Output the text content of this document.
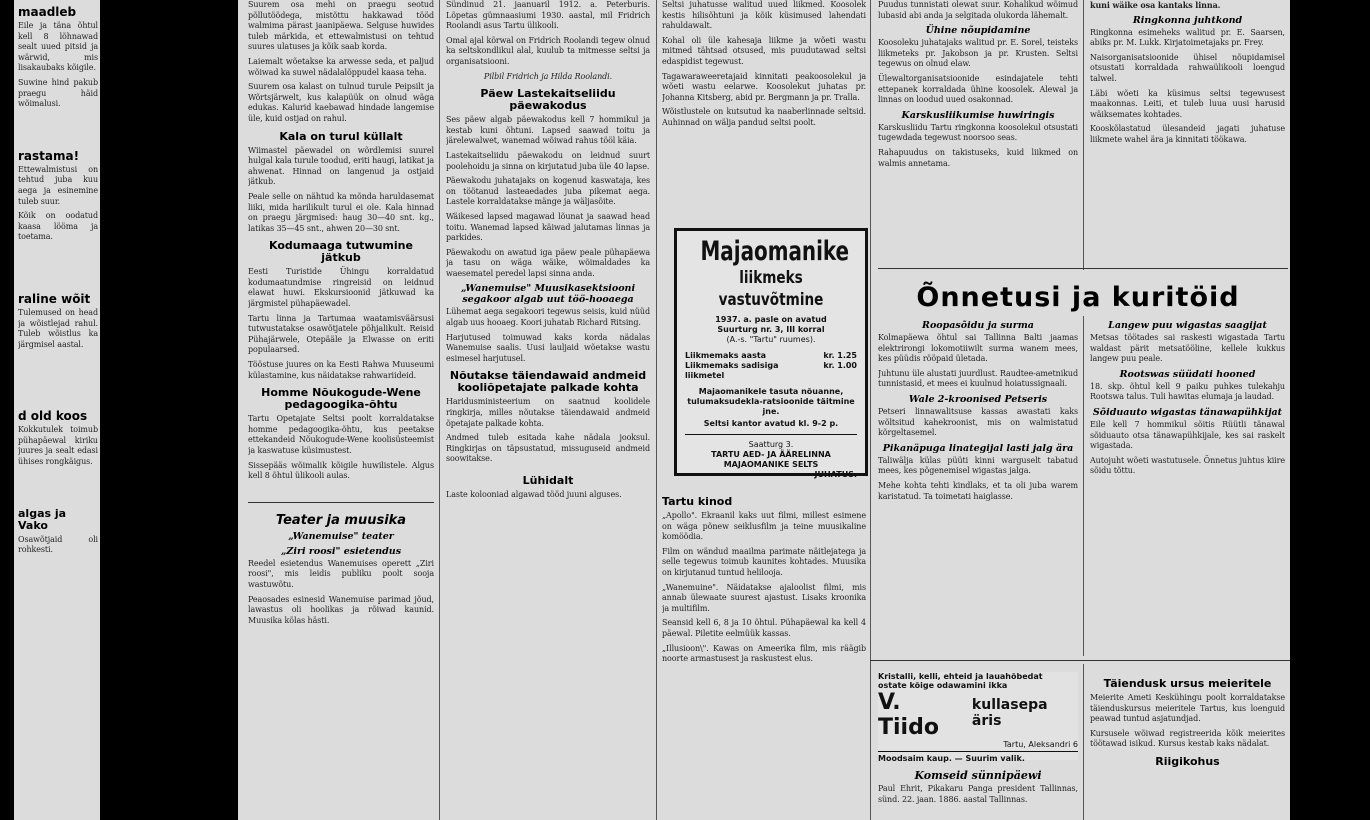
maadleb

Eile ja täna õhtul kell 8 lõhnawad sealt uued pitsid ja wärwid, mis lisakaubaks kõigile.

Suwine hind pakub praegu häid wõimalusi.

rastama!

Ettewalmistusi on tehtud juba kuu aega ja esinemine tuleb suur.

Kõik on oodatud kaasa lööma ja toetama.

raline wõit

Tulemused on head ja wõistlejad rahul. Tuleb wõistlus ka järgmisel aastal.

d old koos

Kokkutulek toimub pühapäewal kiriku juures ja sealt edasi ühises rongkäigus.

algas ja Vako

Osawõtjaid oli rohkesti.

Suurem osa mehi on praegu seotud põllutöödega, mistõttu hakkawad tööd walmima pärast jaanipäewa. Selguse huwides tuleb märkida, et ettewalmistusi on tehtud suures ulatuses ja kõik saab korda.

Laiemalt wõetakse ka arwesse seda, et paljud wõiwad ka suwel nädalalõppudel kaasa teha.

Suurem osa kalast on tulnud turule Peipsilt ja Wõrtsjärwelt, kus kalapüük on olnud wäga edukas. Kalurid kaebawad hindade langemise üle, kuid ostjad on rahul.

Kala on turul küllalt

Wiimastel päewadel on wõrdlemisi suurel hulgal kala turule toodud, eriti haugi, latikat ja ahwenat. Hinnad on langenud ja ostjaid jätkub.

Peale selle on nähtud ka mõnda haruldasemat liiki, mida harilikult turul ei ole. Kala hinnad on praegu järgmised: haug 30—40 snt. kg., latikas 35—45 snt., ahwen 20—30 snt.

Kodumaaga tutwumine jätkub

Eesti Turistide Ühingu korraldatud kodumaatundmise ringreisid on leidnud elawat huwi. Ekskursioonid jätkuwad ka järgmistel pühapäewadel.

Tartu linna ja Tartumaa waatamisväärsusi tutwustatakse osawõtjatele põhjalikult. Reisid Pühajärwele, Otepääle ja Elwasse on eriti populaarsed.

Tööstuse juures on ka Eesti Rahwa Muuseumi külastamine, kus näidatakse rahwariideid.

Homme Nõukogude-Wene pedagoogika-õhtu

Tartu Opetajate Seltsi poolt korraldatakse homme pedagoogika-õhtu, kus peetakse ettekandeid Nõukogude-Wene koolisüsteemist ja kaswatuse küsimustest.

Sissepääs wõimalik kõigile huwilistele. Algus kell 8 õhtul ülikooli aulas.

Teater ja muusika
„Wanemuise" teater
„Ziri roosi" esietendus

Reedel esietendus Wanemuises operett „Ziri roosi", mis leidis publiku poolt sooja wastuwõtu.

Peaosades esinesid Wanemuise parimad jõud, lawastus oli hoolikas ja rõiwad kaunid. Muusika kõlas hästi.

Sündinud 21. jaanuaril 1912. a. Peterburis. Lõpetas gümnaasiumi 1930. aastal, mil Fridrich Roolandi asus Tartu ülikooli.

Omal ajal kõrwal on Fridrich Roolandi tegew olnud ka seltskondlikul alal, kuulub ta mitmesse seltsi ja organisatsiooni.

Pilbil Fridrich ja Hilda Roolandi.

Päew Lastekaitseliidu päewakodus

Ses päew algab päewakodus kell 7 hommikul ja kestab kuni õhtuni. Lapsed saawad toitu ja järelewalwet, wanemad wõiwad rahus tööl käia.

Lastekaitseliidu päewakodu on leidnud suurt poolehoidu ja sinna on kirjutatud juba üle 40 lapse.

Päewakodu juhatajaks on kogenud kaswataja, kes on töötanud lasteaedades juba pikemat aega. Lastele korraldatakse mänge ja wäljasõite.

Wäikesed lapsed magawad lõunat ja saawad head toitu. Wanemad lapsed käiwad jalutamas linnas ja parkides.

Päewakodu on awatud iga päew peale pühapäewa ja tasu on wäga wäike, wõimaldades ka waesematel peredel lapsi sinna anda.

„Wanemuise" Muusikasektsiooni segakoor algab uut töö-hooaega

Lühemat aega segakoori tegewus seisis, kuid nüüd algab uus hooaeg. Koori juhatab Richard Ritsing.

Harjutused toimuwad kaks korda nädalas Wanemuise saalis. Uusi lauljaid wõetakse wastu esimesel harjutusel.

Nõutakse täiendawaid andmeid kooliõpetajate palkade kohta

Haridusministeerium on saatnud koolidele ringkirja, milles nõutakse täiendawaid andmeid õpetajate palkade kohta.

Andmed tuleb esitada kahe nädala jooksul. Ringkirjas on täpsustatud, missuguseid andmeid soowitakse.

Lühidalt

Laste kolooniad algawad tööd juuni alguses.

Seltsi juhatusse walitud uued liikmed. Koosolek kestis hilisõhtuni ja kõik küsimused lahendati rahuldawalt.

Kohal oli üle kahesaja liikme ja wõeti wastu mitmed tähtsad otsused, mis puudutawad seltsi edaspidist tegewust.

Tagawaraweeretajaid kinnitati peakoosolekul ja wõeti wastu eelarwe. Koosolekut juhatas pr. Johanna Kitsberg, abid pr. Bergmann ja pr. Tralla.

Wõistlustele on kutsutud ka naaberlinnade seltsid. Auhinnad on wälja pandud seltsi poolt.

Majaomanike
liikmeks vastuvõtmine
1937. a. pasle on avatud
Suurturg nr. 3, III korral
(A.-s. "Tartu" ruumes).
Liikmemaks aasta	kr. 1.25
Liikmemaks sadisiga liikmetel
kr. 1.00
Majaomanikele tasuta nõuanne, tulumaksudekla-ratsioonide täitmine jne.
Seltsi kantor avatud kl. 9-2 p.
Saatturg 3.
TARTU AED- JA ÄÄRELINNA MAJAOMANIKE SELTS
JUHATUS.
Tartu kinod

„Apollo". Ekraanil kaks uut filmi, millest esimene on wäga põnew seiklusfilm ja teine muusikaline komöödia.

Film on wändud maailma parimate näitlejatega ja selle tegewus toimub kaunites kohtades. Muusika on kirjutanud tuntud helilooja.

„Wanemuine". Näidatakse ajaloolist filmi, mis annab ülewaate suurest ajastust. Lisaks kroonika ja multifilm.

Seansid kell 6, 8 ja 10 õhtul. Pühapäewal ka kell 4 päewal. Piletite eelmüük kassas.

„Illusioon\". Kawas on Ameerika film, mis räägib noorte armastusest ja raskustest elus.

Puudus tunnistati olewat suur. Kohalikud wõimud lubasid abi anda ja selgitada olukorda lähemalt.

Ühine nõupidamine

Koosoleku juhatajaks walitud pr. E. Sorel, teisteks liikmeteks pr. Jakobson ja pr. Krusten. Seltsi tegewus on olnud elaw.

Ülewaltorganisatsioonide esindajatele tehti ettepanek korraldada ühine koosolek. Alewal ja linnas on loodud uued osakonnad.

Karskusliikumise huwiringis

Karskusliidu Tartu ringkonna koosolekul otsustati tugewdada tegewust noorsoo seas.

Rahapuudus on takistuseks, kuid liikmed on walmis annetama.

kuni wäike osa kantaks linna.

Ringkonna juhtkond

Ringkonna esimeheks walitud pr. E. Saarsen, abiks pr. M. Lukk. Kirjatoimetajaks pr. Frey.

Naisorganisatsioonide ühisel nõupidamisel otsustati korraldada rahwaülikooli loengud talwel.

Läbi wõeti ka küsimus seltsi tegewusest maakonnas. Leiti, et tuleb luua uusi harusid wäiksemates kohtades.

Kooskõlastatud ülesandeid jagati juhatuse liikmete wahel ära ja kinnitati töökawa.

Õnnetusi ja kuritöid
Roopasõidu ja surma

Kolmapäewa õhtul sai Tallinna Balti jaamas elektrirongi lokomotiiwilt surma wanem mees, kes püüdis rööpaid ületada.

Juhtunu üle alustati juurdlust. Raudtee-ametnikud tunnistasid, et mees ei kuulnud hoiatussignaali.

Wale 2-kroonised Petseris

Petseri linnawalitsuse kassas awastati kaks wõltsitud kahekroonist, mis on walmistatud kõrgeltasemel.

Pikanäpuga linategijal lasti jalg ära

Taliwälja külas püüti kinni warguselt tabatud mees, kes põgenemisel wigastas jalga.

Mehe kohta tehti kindlaks, et ta oli juba warem karistatud. Ta toimetati haiglasse.

Langew puu wigastas saagijat

Metsas töötades sai raskesti wigastada Tartu waldast pärit metsatööline, kellele kukkus langew puu peale.

Rootswas süüdati hooned

18. skp. õhtul kell 9 paiku puhkes tulekahju Rootswa talus. Tuli hawitas elumaja ja laudad.

Sõiduauto wigastas tänawapühkijat

Eile kell 7 hommikul sõitis Rüütli tänawal sõiduauto otsa tänawapühkijale, kes sai raskelt wigastada.

Autojuht wõeti wastutusele. Õnnetus juhtus kiire sõidu tõttu.

Kristalli, kelli, ehteid ja lauahõbedat
ostate kõige odawamini ikka
V. Tiido
kullasepa äris
Tartu, Aleksandri 6
Moodsaim kaup. — Suurim valik.
Komseid sünnipäewi

Paul Ehrit, Pikakaru Panga president Tallinnas, sünd. 22. jaan. 1886. aastal Tallinnas.

Täiendusk ursus meieritele

Meierite Ameti Keskühingu poolt korraldatakse täienduskursus meieritele Tartus, kus loenguid peawad tuntud asjatundjad.

Kursusele wõiwad registreerida kõik meierites töötawad isikud. Kursus kestab kaks nädalat.

Riigikohus
